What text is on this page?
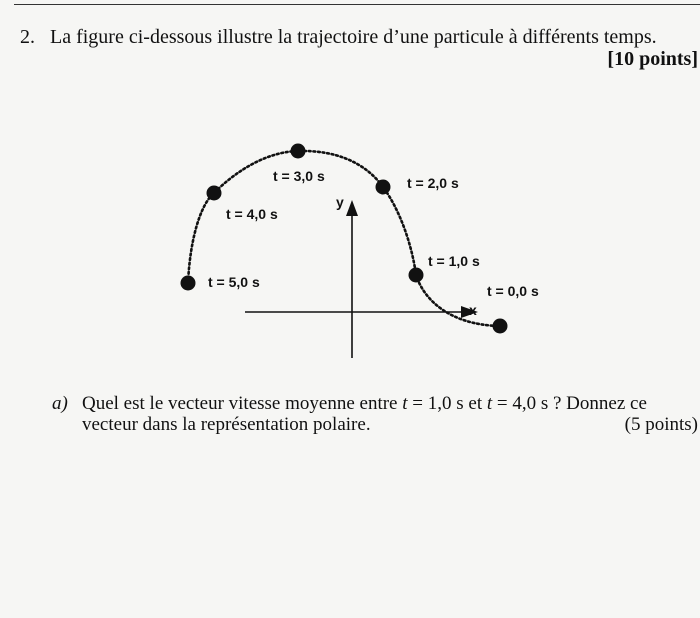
2. La figure ci-dessous illustre la trajectoire d’une particule à différents temps.
[10 points]
y
x
t = 0,0 s
t = 1,0 s
t = 2,0 s
t = 3,0 s
t = 4,0 s
t = 5,0 s
a) Quel est le vecteur vitesse moyenne entre t = 1,0 s et t = 4,0 s ? Donnez ce
vecteur dans la représentation polaire.	(5 points)
